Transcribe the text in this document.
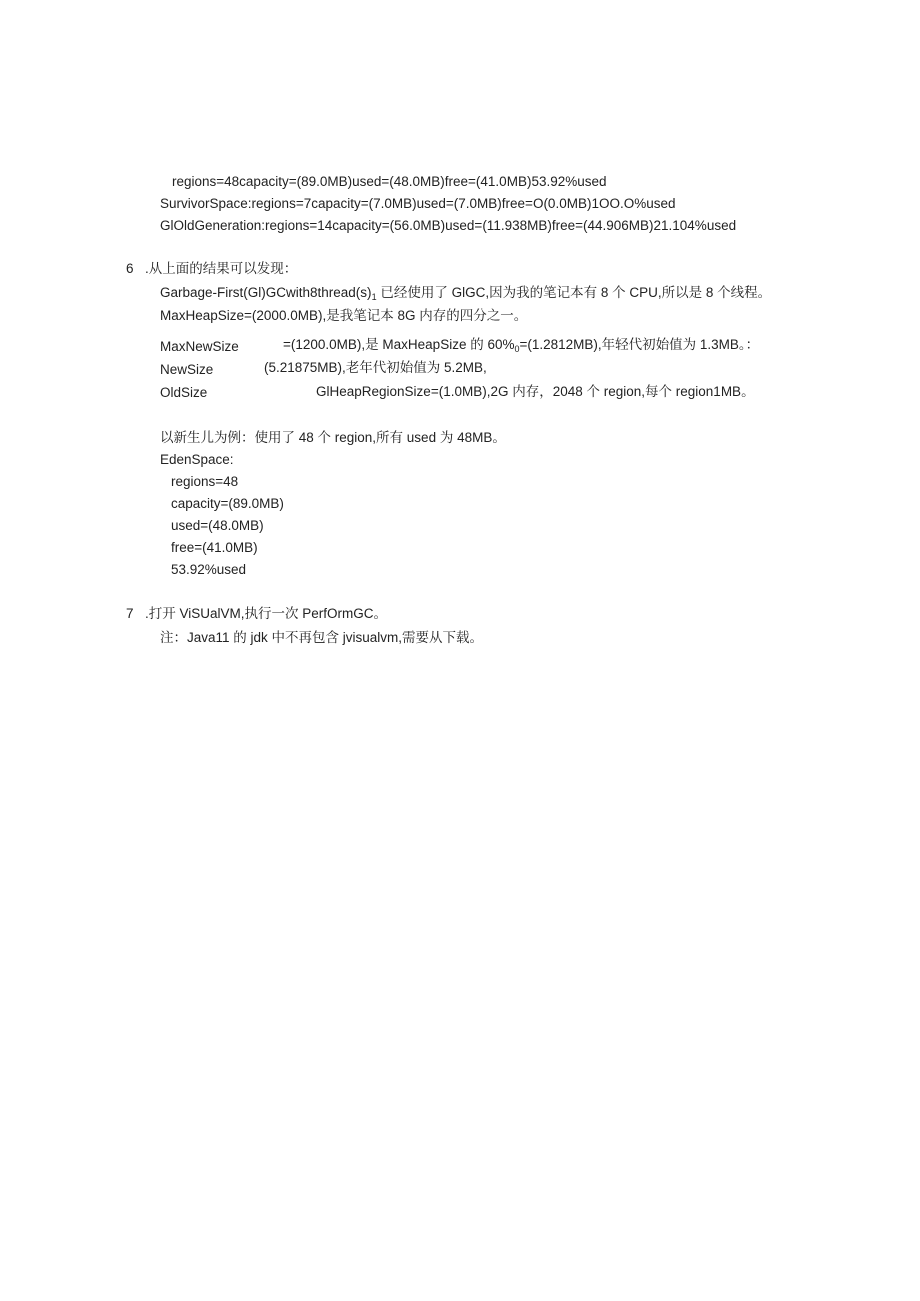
regions=48capacity=(89.0MB)used=(48.0MB)free=(41.0MB)53.92%used
SurvivorSpace:regions=7capacity=(7.0MB)used=(7.0MB)free=O(0.0MB)1OO.O%used
GlOldGeneration:regions=14capacity=(56.0MB)used=(11.938MB)free=(44.906MB)21.104%used
6 .从上面的结果可以发现：
Garbage-$First(Gl)GCwith8thread(s)_1$ 已经使用了 GlGC,因为我的笔记本有 8 个 CPU,所以是 8 个线程。
MaxHeapSize=(2000.0MB),是我笔记本 8G 内存的四分之一。
MaxNewSize	=(1200.0MB),是 MaxHeapSize 的 $60\%_0=(1.2812MB)$,年轻代初始值为 1.3MB。：
NewSize	(5.21875MB),老年代初始值为 5.2MB,
OldSize	GlHeapRegionSize=(1.0MB),2G 内存，2048 个 region,每个 region1MB。
以新生儿为例：使用了 48 个 region,所有 used 为 48MB。
EdenSpace:
regions=48
capacity=(89.0MB)
used=(48.0MB)
free=(41.0MB)
53.92%used
7 .打开 ViSUalVM,执行一次 PerfOrmGC。
注：Java11 的 jdk 中不再包含 jvisualvm,需要从下载。
